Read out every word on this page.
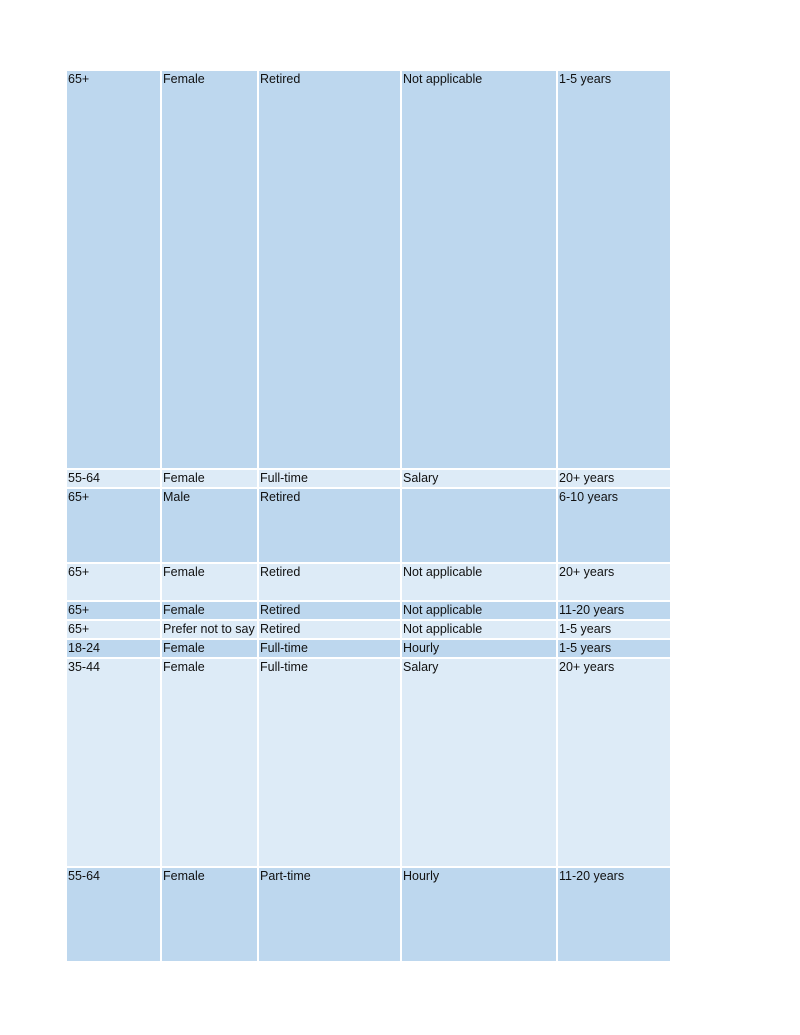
65+	Female	Retired	Not applicable	1-5 years
55-64	Female	Full-time	Salary	20+ years
65+	Male	Retired		6-10 years
65+	Female	Retired	Not applicable	20+ years
65+	Female	Retired	Not applicable	11-20 years
65+	Prefer not to say	Retired	Not applicable	1-5 years
18-24	Female	Full-time	Hourly	1-5 years
35-44	Female	Full-time	Salary	20+ years
55-64	Female	Part-time	Hourly	11-20 years
